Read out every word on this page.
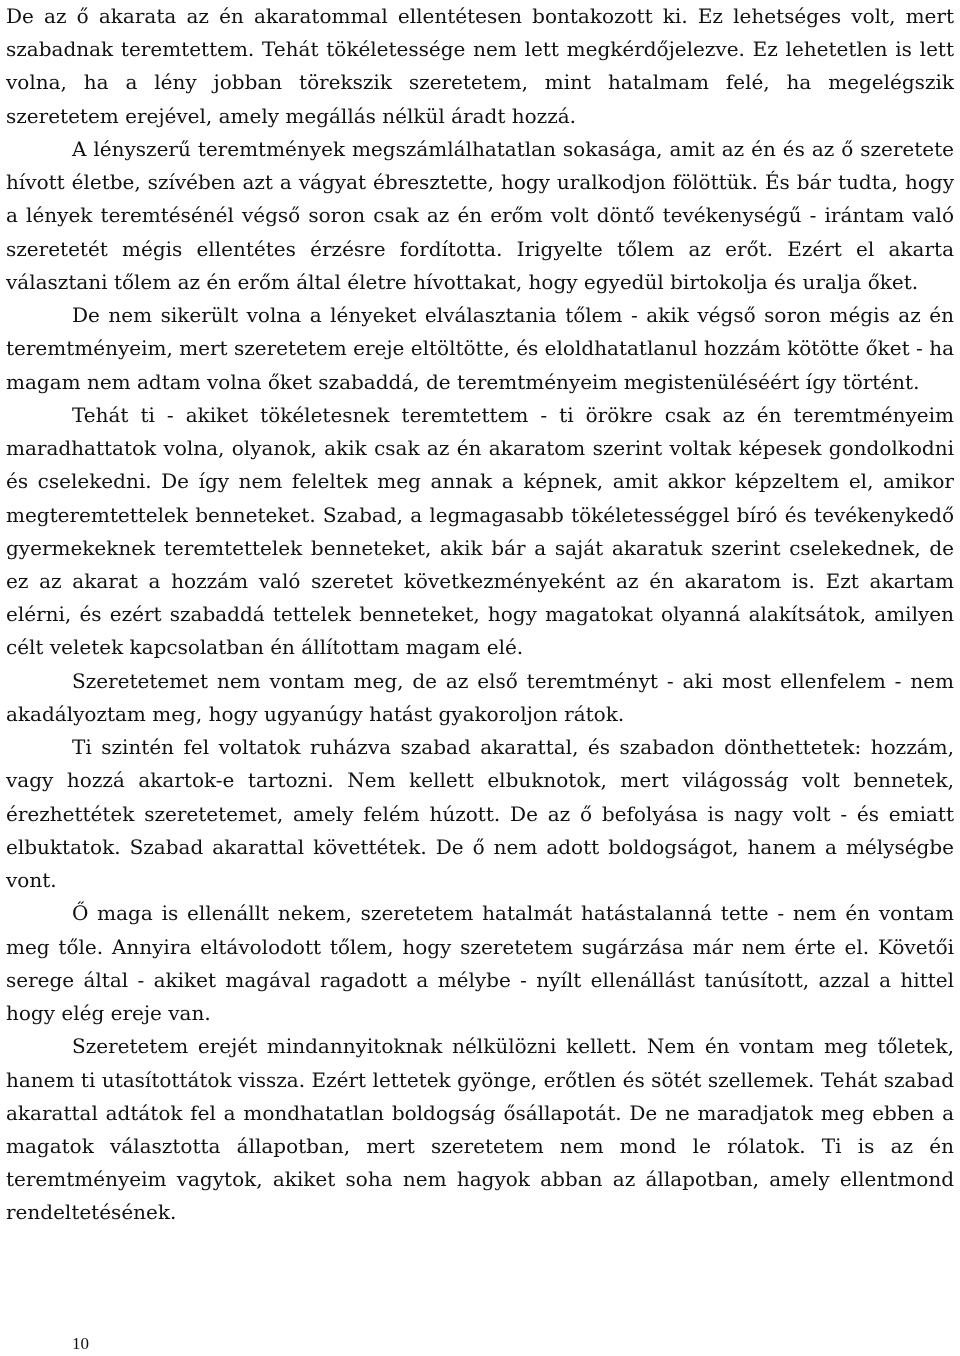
De az ő akarata az én akaratommal ellentétesen bontakozott ki. Ez lehetséges volt, mert szabadnak teremtettem. Tehát tökéletessége nem lett megkérdőjelezve. Ez lehetetlen is lett volna, ha a lény jobban törekszik szeretetem, mint hatalmam felé, ha megelégszik szeretetem erejével, amely megállás nélkül áradt hozzá.

A lényszerű teremtmények megszámlálhatatlan sokasága, amit az én és az ő szeretete hívott életbe, szívében azt a vágyat ébresztette, hogy uralkodjon fölöttük. És bár tudta, hogy a lények teremtésénél végső soron csak az én erőm volt döntő tevékenységű - irántam való szeretetét mégis ellentétes érzésre fordította. Irigyelte tőlem az erőt. Ezért el akarta választani tőlem az én erőm által életre hívottakat, hogy egyedül birtokolja és uralja őket.

De nem sikerült volna a lényeket elválasztania tőlem - akik végső soron mégis az én teremtményeim, mert szeretetem ereje eltöltötte, és eloldhatatlanul hozzám kötötte őket - ha magam nem adtam volna őket szabaddá, de teremtményeim megistenüléséért így történt.

Tehát ti - akiket tökéletesnek teremtettem - ti örökre csak az én teremtményeim maradhattatok volna, olyanok, akik csak az én akaratom szerint voltak képesek gondolkodni és cselekedni. De így nem feleltek meg annak a képnek, amit akkor képzeltem el, amikor megteremtettelek benneteket. Szabad, a legmagasabb tökéletességgel bíró és tevékenykedő gyermekeknek teremtettelek benneteket, akik bár a saját akaratuk szerint cselekednek, de ez az akarat a hozzám való szeretet következményeként az én akaratom is. Ezt akartam elérni, és ezért szabaddá tettelek benneteket, hogy magatokat olyanná alakítsátok, amilyen célt veletek kapcsolatban én állítottam magam elé.

Szeretetemet nem vontam meg, de az első teremtményt - aki most ellenfelem - nem akadályoztam meg, hogy ugyanúgy hatást gyakoroljon rátok.

Ti szintén fel voltatok ruházva szabad akarattal, és szabadon dönthettetek: hozzám, vagy hozzá akartok-e tartozni. Nem kellett elbuknotok, mert világosság volt bennetek, érezhettétek szeretetemet, amely felém húzott. De az ő befolyása is nagy volt - és emiatt elbuktatok. Szabad akarattal követtétek. De ő nem adott boldogságot, hanem a mélységbe vont.

Ő maga is ellenállt nekem, szeretetem hatalmát hatástalanná tette - nem én vontam meg tőle. Annyira eltávolodott tőlem, hogy szeretetem sugárzása már nem érte el. Követői serege által - akiket magával ragadott a mélybe - nyílt ellenállást tanúsított, azzal a hittel hogy elég ereje van.

Szeretetem erejét mindannyitoknak nélkülözni kellett. Nem én vontam meg tőletek, hanem ti utasítottátok vissza. Ezért lettetek gyönge, erőtlen és sötét szellemek. Tehát szabad akarattal adtátok fel a mondhatatlan boldogság ősállapotát. De ne maradjatok meg ebben a magatok választotta állapotban, mert szeretetem nem mond le rólatok. Ti is az én teremtményeim vagytok, akiket soha nem hagyok abban az állapotban, amely ellentmond rendeltetésének.

10
